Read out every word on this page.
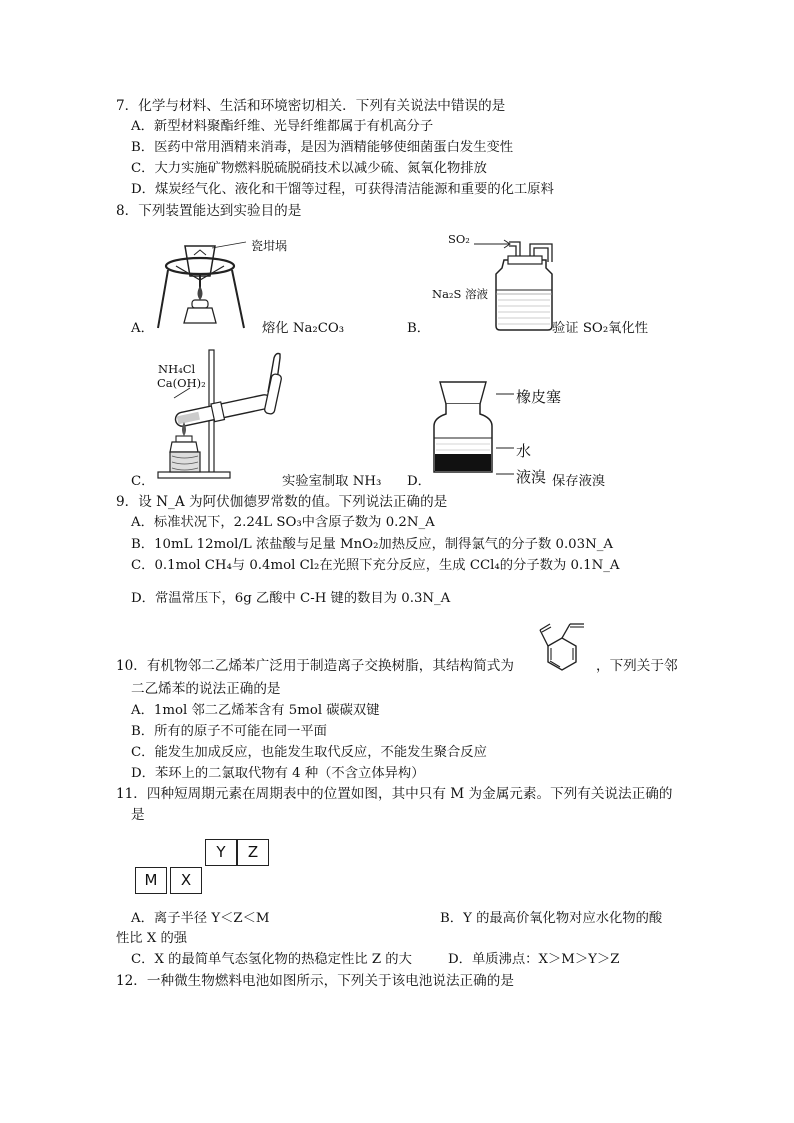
7．化学与材料、生活和环境密切相关．下列有关说法中错误的是
A．新型材料聚酯纤维、光导纤维都属于有机高分子
B．医药中常用酒精来消毒，是因为酒精能够使细菌蛋白发生变性
C．大力实施矿物燃料脱硫脱硝技术以减少硫、氮氧化物排放
D．煤炭经气化、液化和干馏等过程，可获得清洁能源和重要的化工原料
8．下列装置能达到实验目的是
瓷坩埚
A．	熔化 Na₂CO₃
SO₂
Na₂S 溶液
B．	验证 SO₂氧化性
NH₄Cl
Ca(OH)₂
C．	实验室制取 NH₃
橡皮塞
水
液溴
D．	保存液溴
9．设 N_A 为阿伏伽德罗常数的值。下列说法正确的是
A．标准状况下，2.24L SO₃中含原子数为 0.2N_A
B．10mL 12mol/L 浓盐酸与足量 MnO₂加热反应，制得氯气的分子数 0.03N_A
C．0.1mol CH₄与 0.4mol Cl₂在光照下充分反应，生成 CCl₄的分子数为 0.1N_A
D．常温常压下，6g 乙酸中 C-H 键的数目为 0.3N_A
10．有机物邻二乙烯苯广泛用于制造离子交换树脂，其结构简式为	，下列关于邻
二乙烯苯的说法正确的是
A．1mol 邻二乙烯苯含有 5mol 碳碳双键
B．所有的原子不可能在同一平面
C．能发生加成反应，也能发生取代反应，不能发生聚合反应
D．苯环上的二氯取代物有 4 种（不含立体异构）
11．四种短周期元素在周期表中的位置如图，其中只有 M 为金属元素。下列有关说法正确的
是
Y	Z
M	X
A．离子半径 Y＜Z＜M	B．Y 的最高价氧化物对应水化物的酸
性比 X 的强
C．X 的最简单气态氢化物的热稳定性比 Z 的大	D．单质沸点：X＞M＞Y＞Z
12．一种微生物燃料电池如图所示，下列关于该电池说法正确的是
